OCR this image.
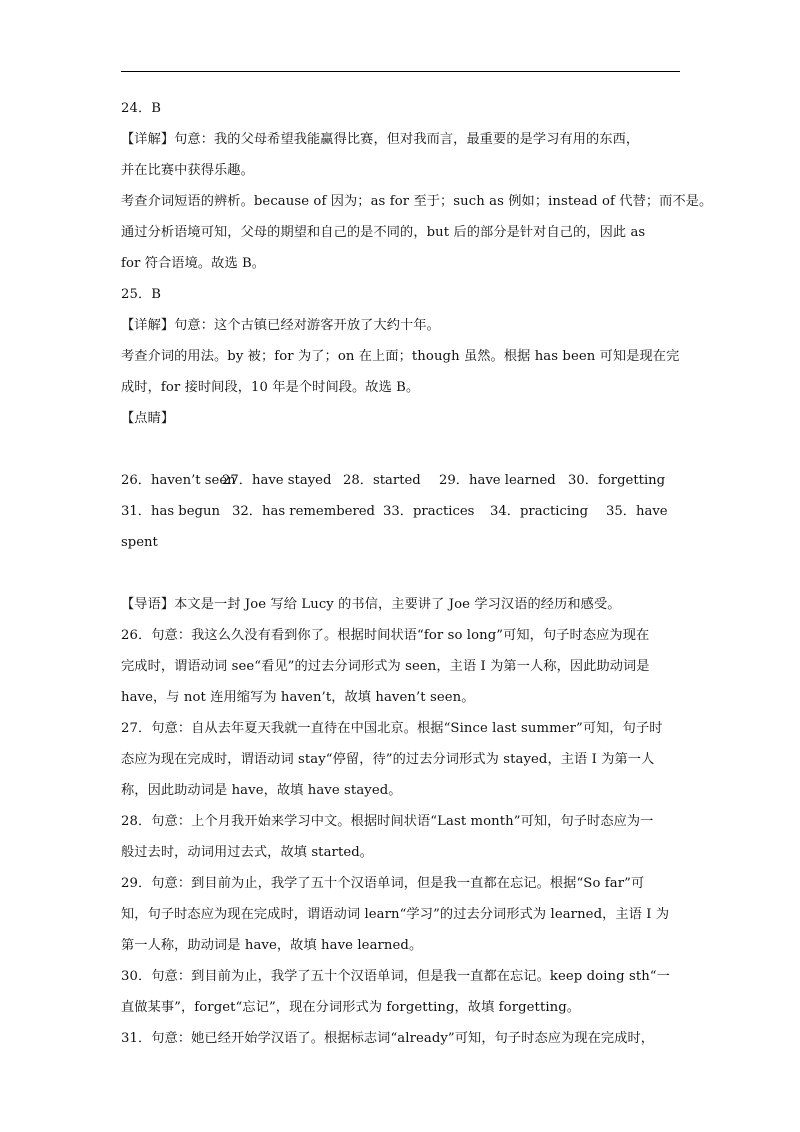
24．B
【详解】句意：我的父母希望我能赢得比赛，但对我而言，最重要的是学习有用的东西，
并在比赛中获得乐趣。
考查介词短语的辨析。because of 因为；as for 至于；such as 例如；instead of 代替；而不是。
通过分析语境可知，父母的期望和自己的是不同的，but 后的部分是针对自己的，因此 as
for 符合语境。故选 B。
25．B
【详解】句意：这个古镇已经对游客开放了大约十年。
考查介词的用法。by 被；for 为了；on 在上面；though 虽然。根据 has been 可知是现在完
成时，for 接时间段，10 年是个时间段。故选 B。
【点睛】
26．haven’t seen27．have stayed 28．started 29．have learned 30．forgetting
31．has begun 32．has remembered 33．practices 34．practicing 35．have
spent
【导语】本文是一封 Joe 写给 Lucy 的书信，主要讲了 Joe 学习汉语的经历和感受。
26．句意：我这么久没有看到你了。根据时间状语“for so long”可知，句子时态应为现在
完成时，谓语动词 see“看见”的过去分词形式为 seen，主语 I 为第一人称，因此助动词是
have，与 not 连用缩写为 haven’t，故填 haven’t seen。
27．句意：自从去年夏天我就一直待在中国北京。根据“Since last summer”可知，句子时
态应为现在完成时，谓语动词 stay“停留，待”的过去分词形式为 stayed，主语 I 为第一人
称，因此助动词是 have，故填 have stayed。
28．句意：上个月我开始来学习中文。根据时间状语“Last month”可知，句子时态应为一
般过去时，动词用过去式，故填 started。
29．句意：到目前为止，我学了五十个汉语单词，但是我一直都在忘记。根据“So far”可
知，句子时态应为现在完成时，谓语动词 learn“学习”的过去分词形式为 learned，主语 I 为
第一人称，助动词是 have，故填 have learned。
30．句意：到目前为止，我学了五十个汉语单词，但是我一直都在忘记。keep doing sth“一
直做某事”，forget“忘记”，现在分词形式为 forgetting，故填 forgetting。
31．句意：她已经开始学汉语了。根据标志词“already”可知，句子时态应为现在完成时，
